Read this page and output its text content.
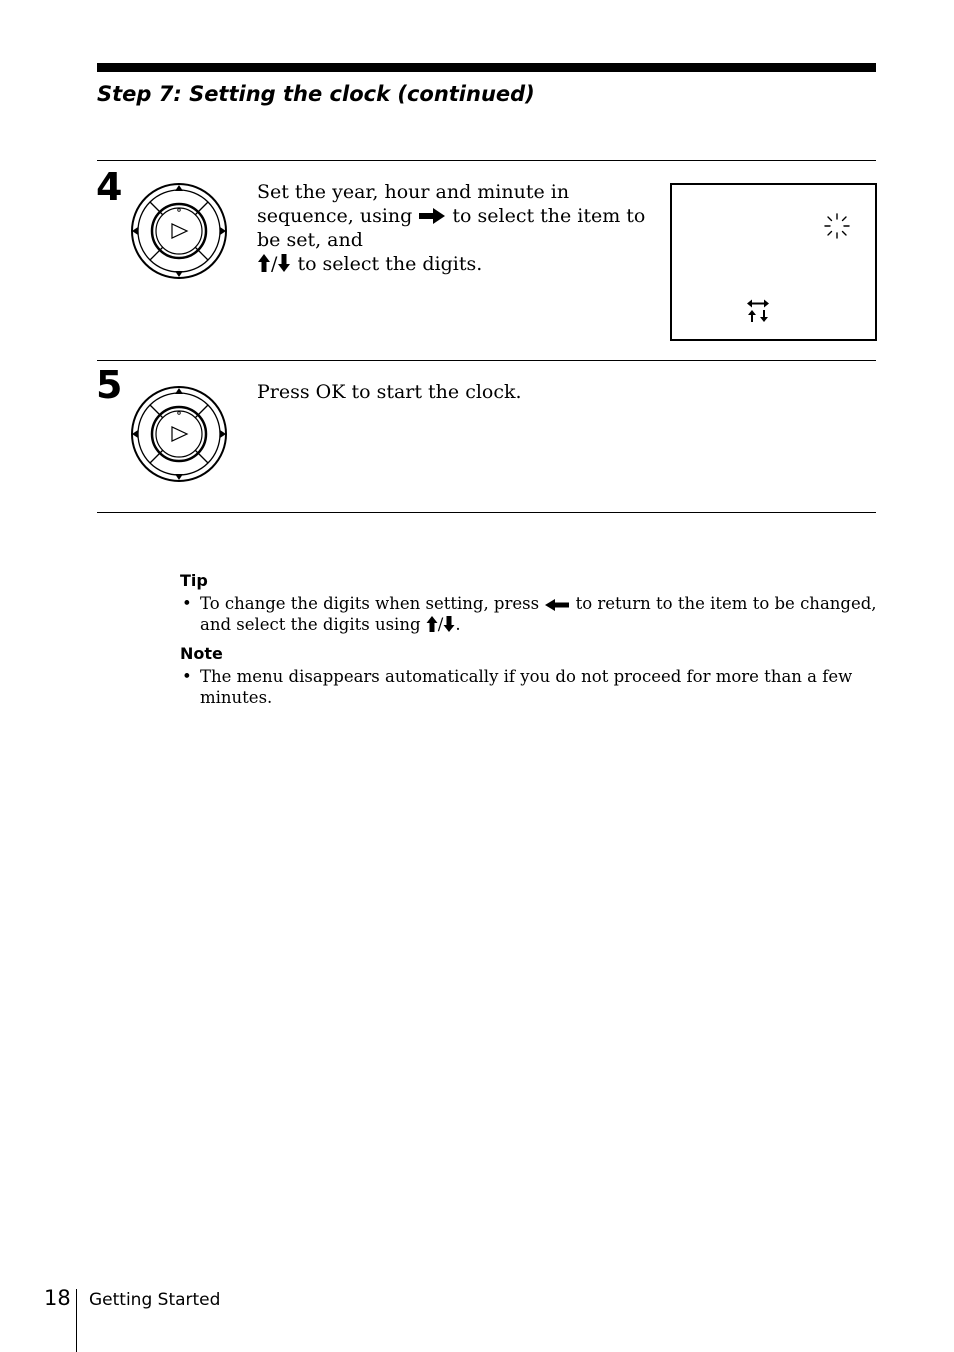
Step 7: Setting the clock (continued)
4	Set the year, hour and minute in sequence, using  to select the item to be set, and
/ to select the digits.

5	Press OK to start the clock.

Tip

• To change the digits when setting, press  to return to the item to be changed, and select the digits using / .

Note

• The menu disappears automatically if you do not proceed for more than a few minutes.
18 Getting Started
